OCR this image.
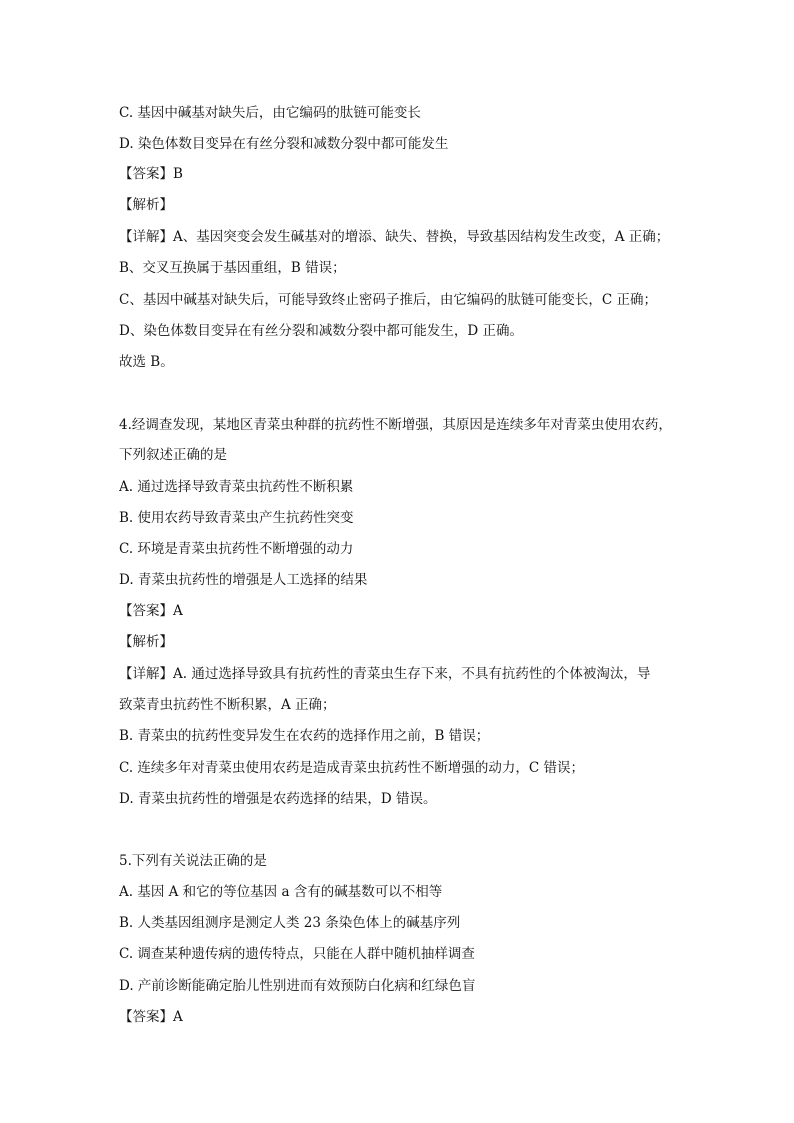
C. 基因中碱基对缺失后，由它编码的肽链可能变长
D. 染色体数目变异在有丝分裂和减数分裂中都可能发生
【答案】B
【解析】
【详解】A、基因突变会发生碱基对的增添、缺失、替换，导致基因结构发生改变，A 正确；
B、交叉互换属于基因重组，B 错误；
C、基因中碱基对缺失后，可能导致终止密码子推后，由它编码的肽链可能变长，C 正确；
D、染色体数目变异在有丝分裂和减数分裂中都可能发生，D 正确。
故选 B。
4.经调查发现，某地区青菜虫种群的抗药性不断增强，其原因是连续多年对青菜虫使用农药，
下列叙述正确的是
A. 通过选择导致青菜虫抗药性不断积累
B. 使用农药导致青菜虫产生抗药性突变
C. 环境是青菜虫抗药性不断增强的动力
D. 青菜虫抗药性的增强是人工选择的结果
【答案】A
【解析】
【详解】A. 通过选择导致具有抗药性的青菜虫生存下来，不具有抗药性的个体被淘汰，导
致菜青虫抗药性不断积累，A 正确；
B. 青菜虫的抗药性变异发生在农药的选择作用之前，B 错误；
C. 连续多年对青菜虫使用农药是造成青菜虫抗药性不断增强的动力，C 错误；
D. 青菜虫抗药性的增强是农药选择的结果，D 错误。
5.下列有关说法正确的是
A. 基因 A 和它的等位基因 a 含有的碱基数可以不相等
B. 人类基因组测序是测定人类 23 条染色体上的碱基序列
C. 调查某种遗传病的遗传特点，只能在人群中随机抽样调查
D. 产前诊断能确定胎儿性别进而有效预防白化病和红绿色盲
【答案】A
